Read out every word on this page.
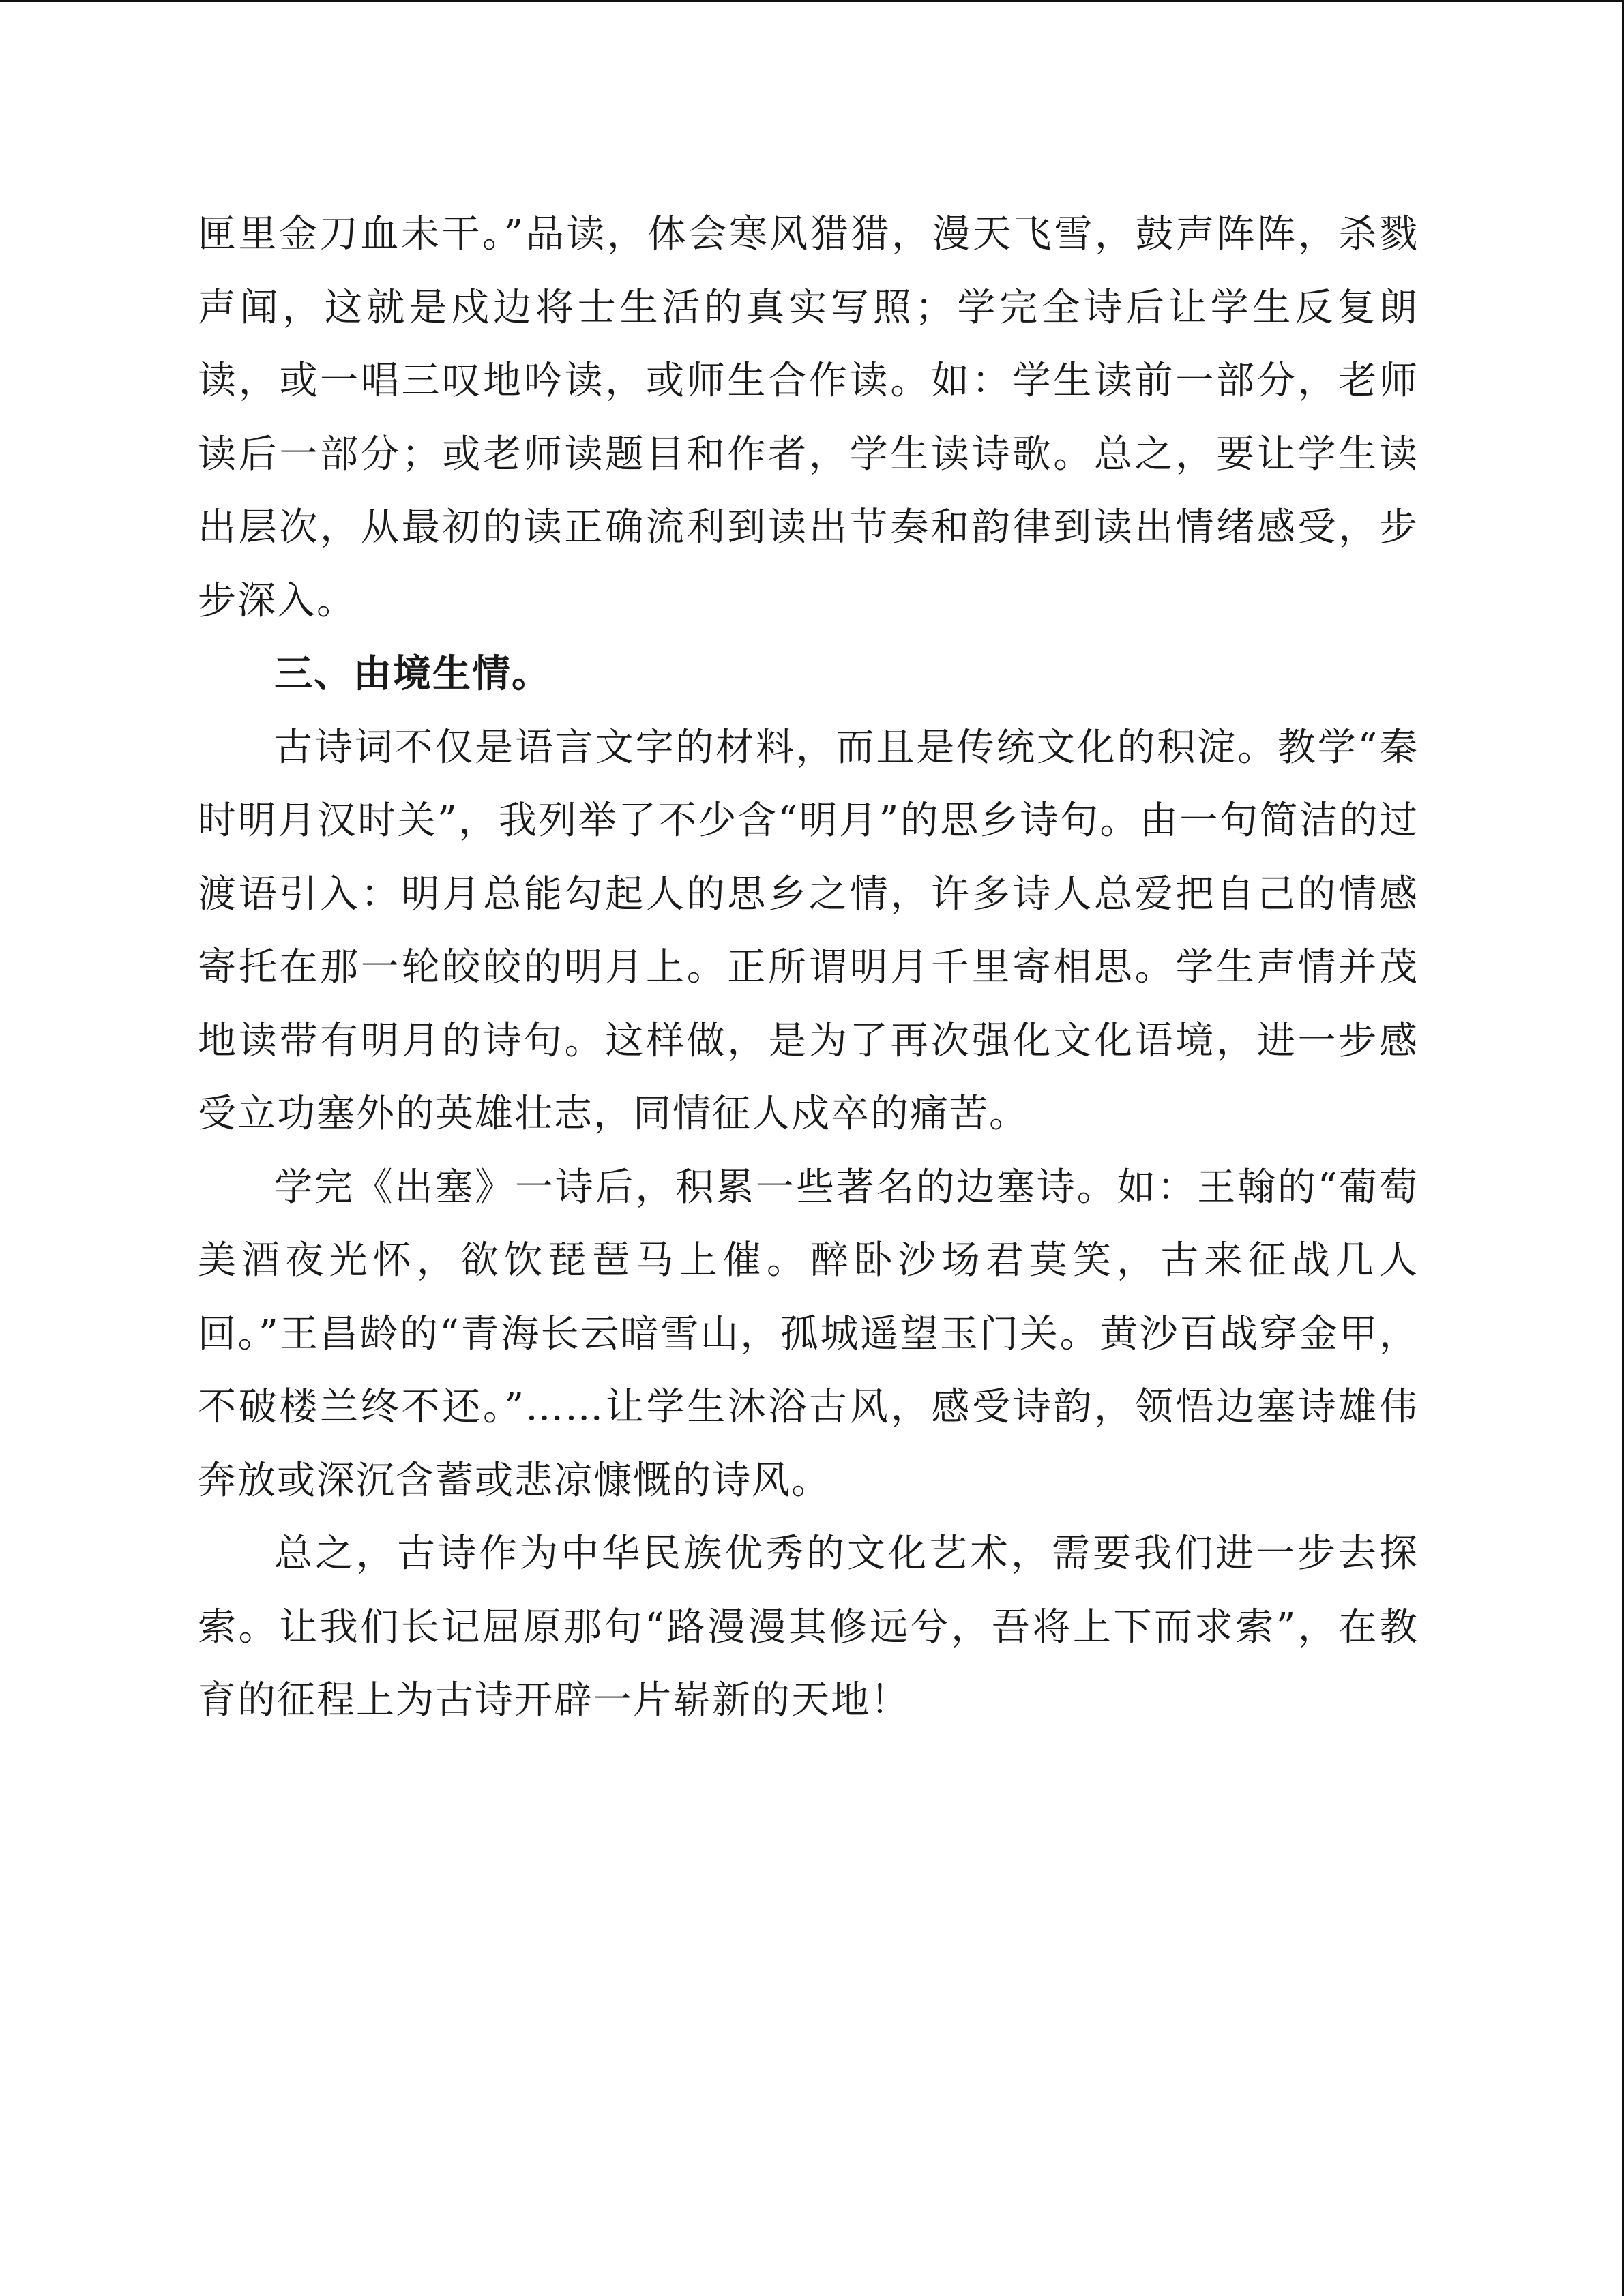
匣里金刀血未干。”品读，体会寒风猎猎，漫天飞雪，鼓声阵阵，杀戮声闻，这就是戍边将士生活的真实写照；学完全诗后让学生反复朗读，或一唱三叹地吟读，或师生合作读。如：学生读前一部分，老师读后一部分；或老师读题目和作者，学生读诗歌。总之，要让学生读出层次，从最初的读正确流利到读出节奏和韵律到读出情绪感受，步步深入。

三、由境生情。

古诗词不仅是语言文字的材料，而且是传统文化的积淀。教学“秦时明月汉时关”，我列举了不少含“明月”的思乡诗句。由一句简洁的过渡语引入：明月总能勾起人的思乡之情，许多诗人总爱把自己的情感寄托在那一轮皎皎的明月上。正所谓明月千里寄相思。学生声情并茂地读带有明月的诗句。这样做，是为了再次强化文化语境，进一步感受立功塞外的英雄壮志，同情征人戍卒的痛苦。

学完《出塞》一诗后，积累一些著名的边塞诗。如：王翰的“葡萄美酒夜光怀，欲饮琵琶马上催。醉卧沙场君莫笑，古来征战几人回。”王昌龄的“青海长云暗雪山，孤城遥望玉门关。黄沙百战穿金甲，不破楼兰终不还。”……让学生沐浴古风，感受诗韵，领悟边塞诗雄伟奔放或深沉含蓄或悲凉慷慨的诗风。

总之，古诗作为中华民族优秀的文化艺术，需要我们进一步去探索。让我们长记屈原那句“路漫漫其修远兮，吾将上下而求索”，在教育的征程上为古诗开辟一片崭新的天地！
